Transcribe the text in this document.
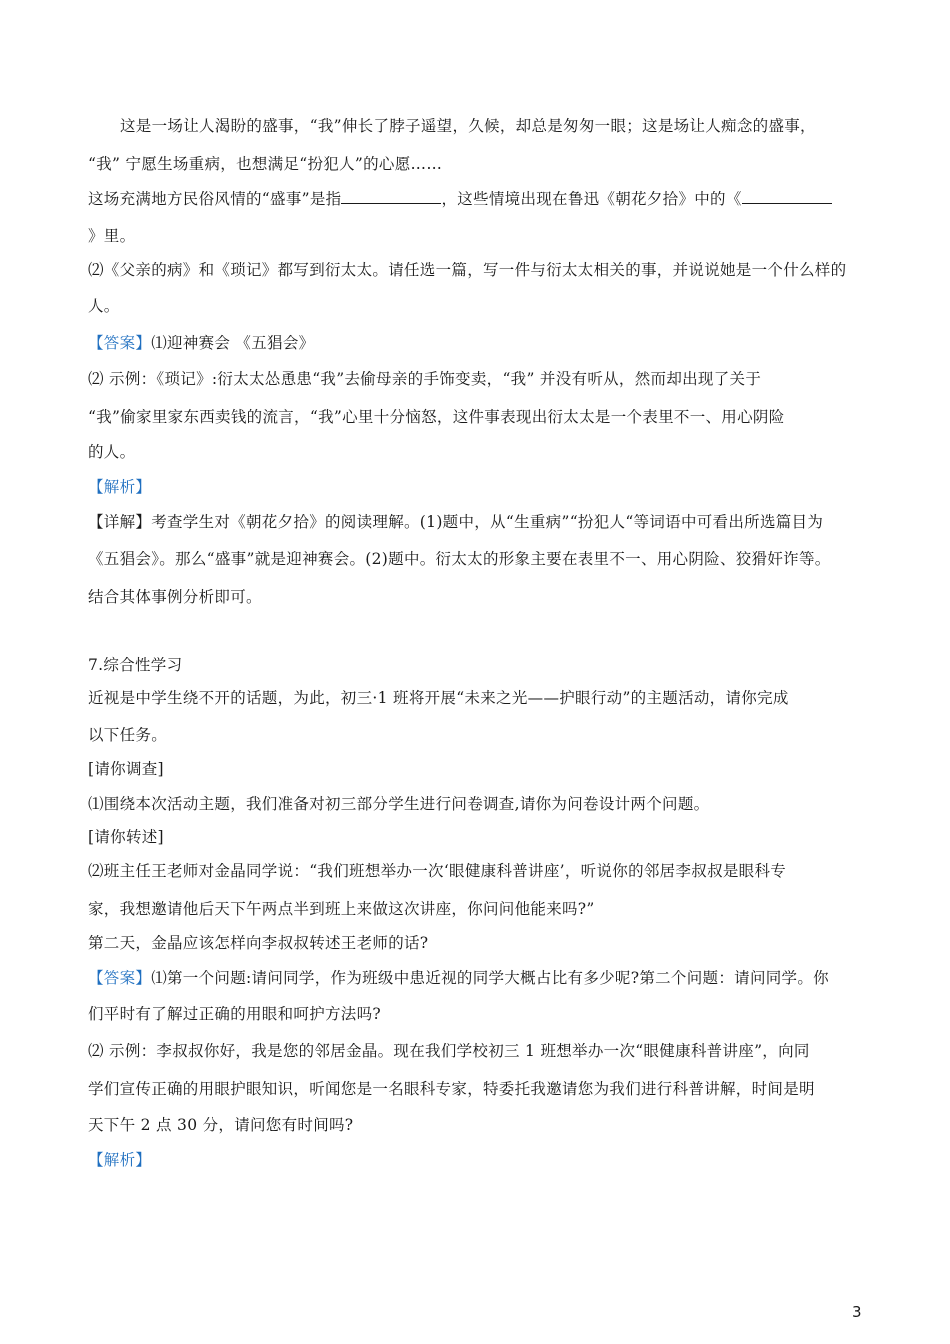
这是一场让人渴盼的盛事，“我”伸长了脖子遥望，久候，却总是匆匆一眼；这是场让人痴念的盛事，
“我” 宁愿生场重病，也想满足“扮犯人”的心愿……
这场充满地方民俗风情的“盛事”是指	，这些情境出现在鲁迅《朝花夕拾》中的《
》里。
⑵《父亲的病》和《琐记》都写到衍太太。请任选一篇，写一件与衍太太相关的事，并说说她是一个什么样的
人。
【答案】⑴迎神赛会 《五猖会》
⑵ 示例：《琐记》:衍太太怂恿患“我”去偷母亲的手饰变卖，“我” 并没有听从，然而却出现了关于
“我”偷家里家东西卖钱的流言，“我”心里十分恼怒，这件事表现出衍太太是一个表里不一、用心阴险
的人。
【解析】
【详解】考查学生对《朝花夕拾》的阅读理解。(1)题中，从“生重病”“扮犯人“等词语中可看出所选篇目为
《五猖会》。那么“盛事”就是迎神赛会。(2)题中。衍太太的形象主要在表里不一、用心阴险、狡猾奸诈等。
结合其体事例分析即可。
7.综合性学习
近视是中学生绕不开的话题，为此，初三·1 班将开展“未来之光——护眼行动”的主题活动，请你完成
以下任务。
[请你调查]
⑴围绕本次活动主题，我们准备对初三部分学生进行问卷调查,请你为问卷设计两个问题。
[请你转述]
⑵班主任王老师对金晶同学说：“我们班想举办一次‘眼健康科普讲座’，听说你的邻居李叔叔是眼科专
家，我想邀请他后天下午两点半到班上来做这次讲座，你问问他能来吗?”
第二天，金晶应该怎样向李叔叔转述王老师的话?
【答案】⑴第一个问题:请问同学，作为班级中患近视的同学大概占比有多少呢?第二个问题：请问同学。你
们平时有了解过正确的用眼和呵护方法吗?
⑵ 示例：李叔叔你好，我是您的邻居金晶。现在我们学校初三 1 班想举办一次“眼健康科普讲座”，向同
学们宣传正确的用眼护眼知识，听闻您是一名眼科专家，特委托我邀请您为我们进行科普讲解，时间是明
天下午 2 点 30 分，请问您有时间吗?
【解析】
3
